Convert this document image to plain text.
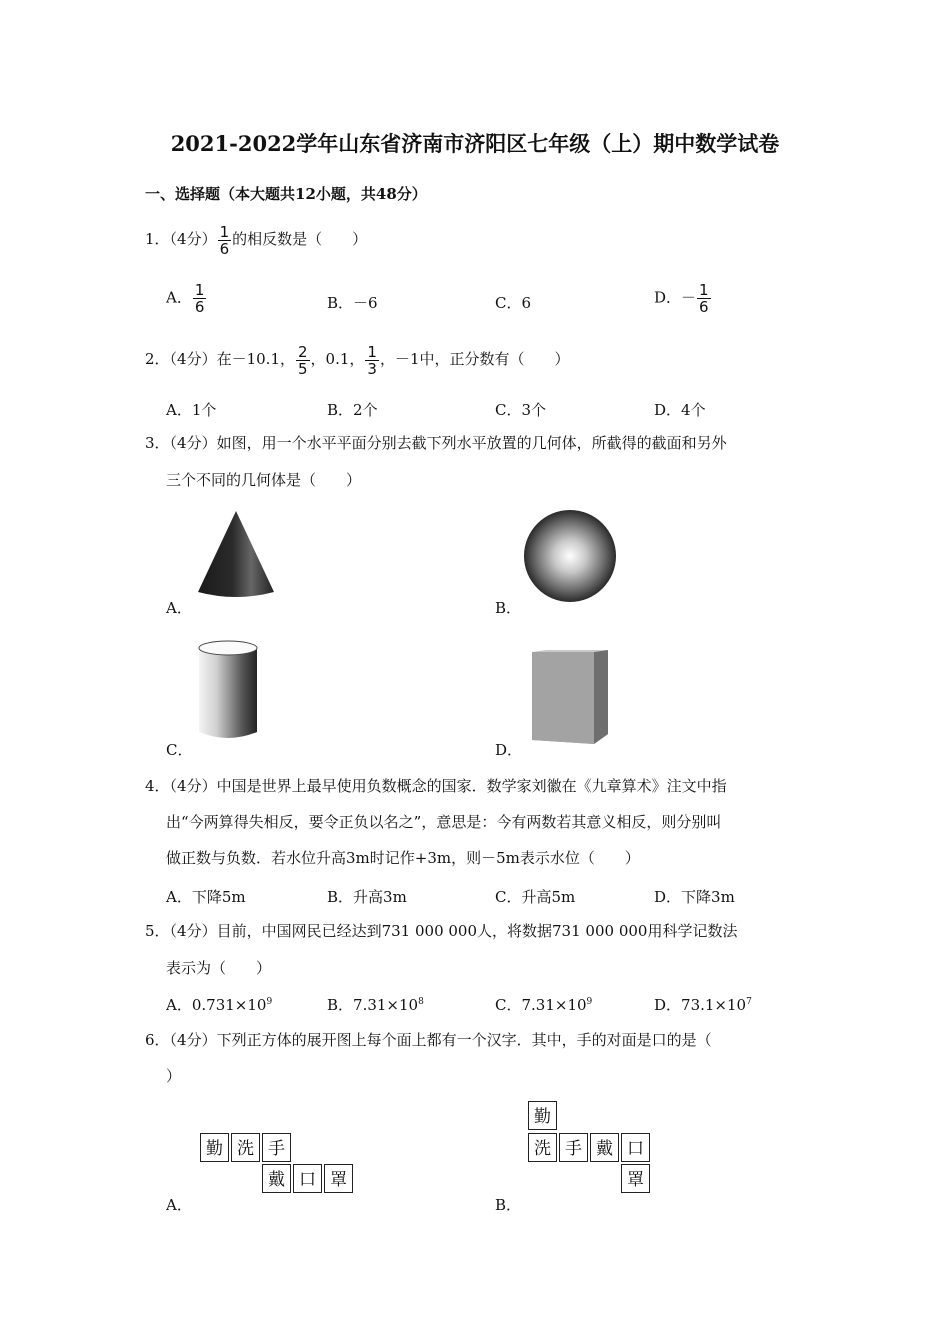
2021-2022学年山东省济南市济阳区七年级（上）期中数学试卷
一、选择题（本大题共12小题，共48分）
1．（4分） $\frac{1}{6}$ 的相反数是（　　）
A． $\frac{1}{6}$	B．－6	C．6	D．－ $\frac{1}{6}$
2．（4分）在－10.1， $\frac{2}{5}$ ，0.1， $\frac{1}{3}$ ，－1中，正分数有（　　）
A．1个	B．2个	C．3个	D．4个
3．（4分）如图，用一个水平平面分别去截下列水平放置的几何体，所截得的截面和另外
三个不同的几何体是（　　）
A．	B．
C．	D．
4．（4分）中国是世界上最早使用负数概念的国家．数学家刘徽在《九章算术》注文中指
出“今两算得失相反，要令正负以名之”，意思是：今有两数若其意义相反，则分别叫
做正数与负数．若水位升高3m时记作+3m，则－5m表示水位（　　）
A．下降5m	B．升高3m	C．升高5m	D．下降3m
5．（4分）目前，中国网民已经达到731 000 000人，将数据731 000 000用科学记数法
表示为（　　）
A．$0.731\times 10^9$	B．$7.31\times 10^8$	C．$7.31\times 10^9$	D．$73.1\times 10^7$
6．（4分）下列正方体的展开图上每个面上都有一个汉字．其中，手的对面是口的是（
）
勤 洗 手
戴 口 罩
A．
勤
洗 手 戴 口
罩
B．
